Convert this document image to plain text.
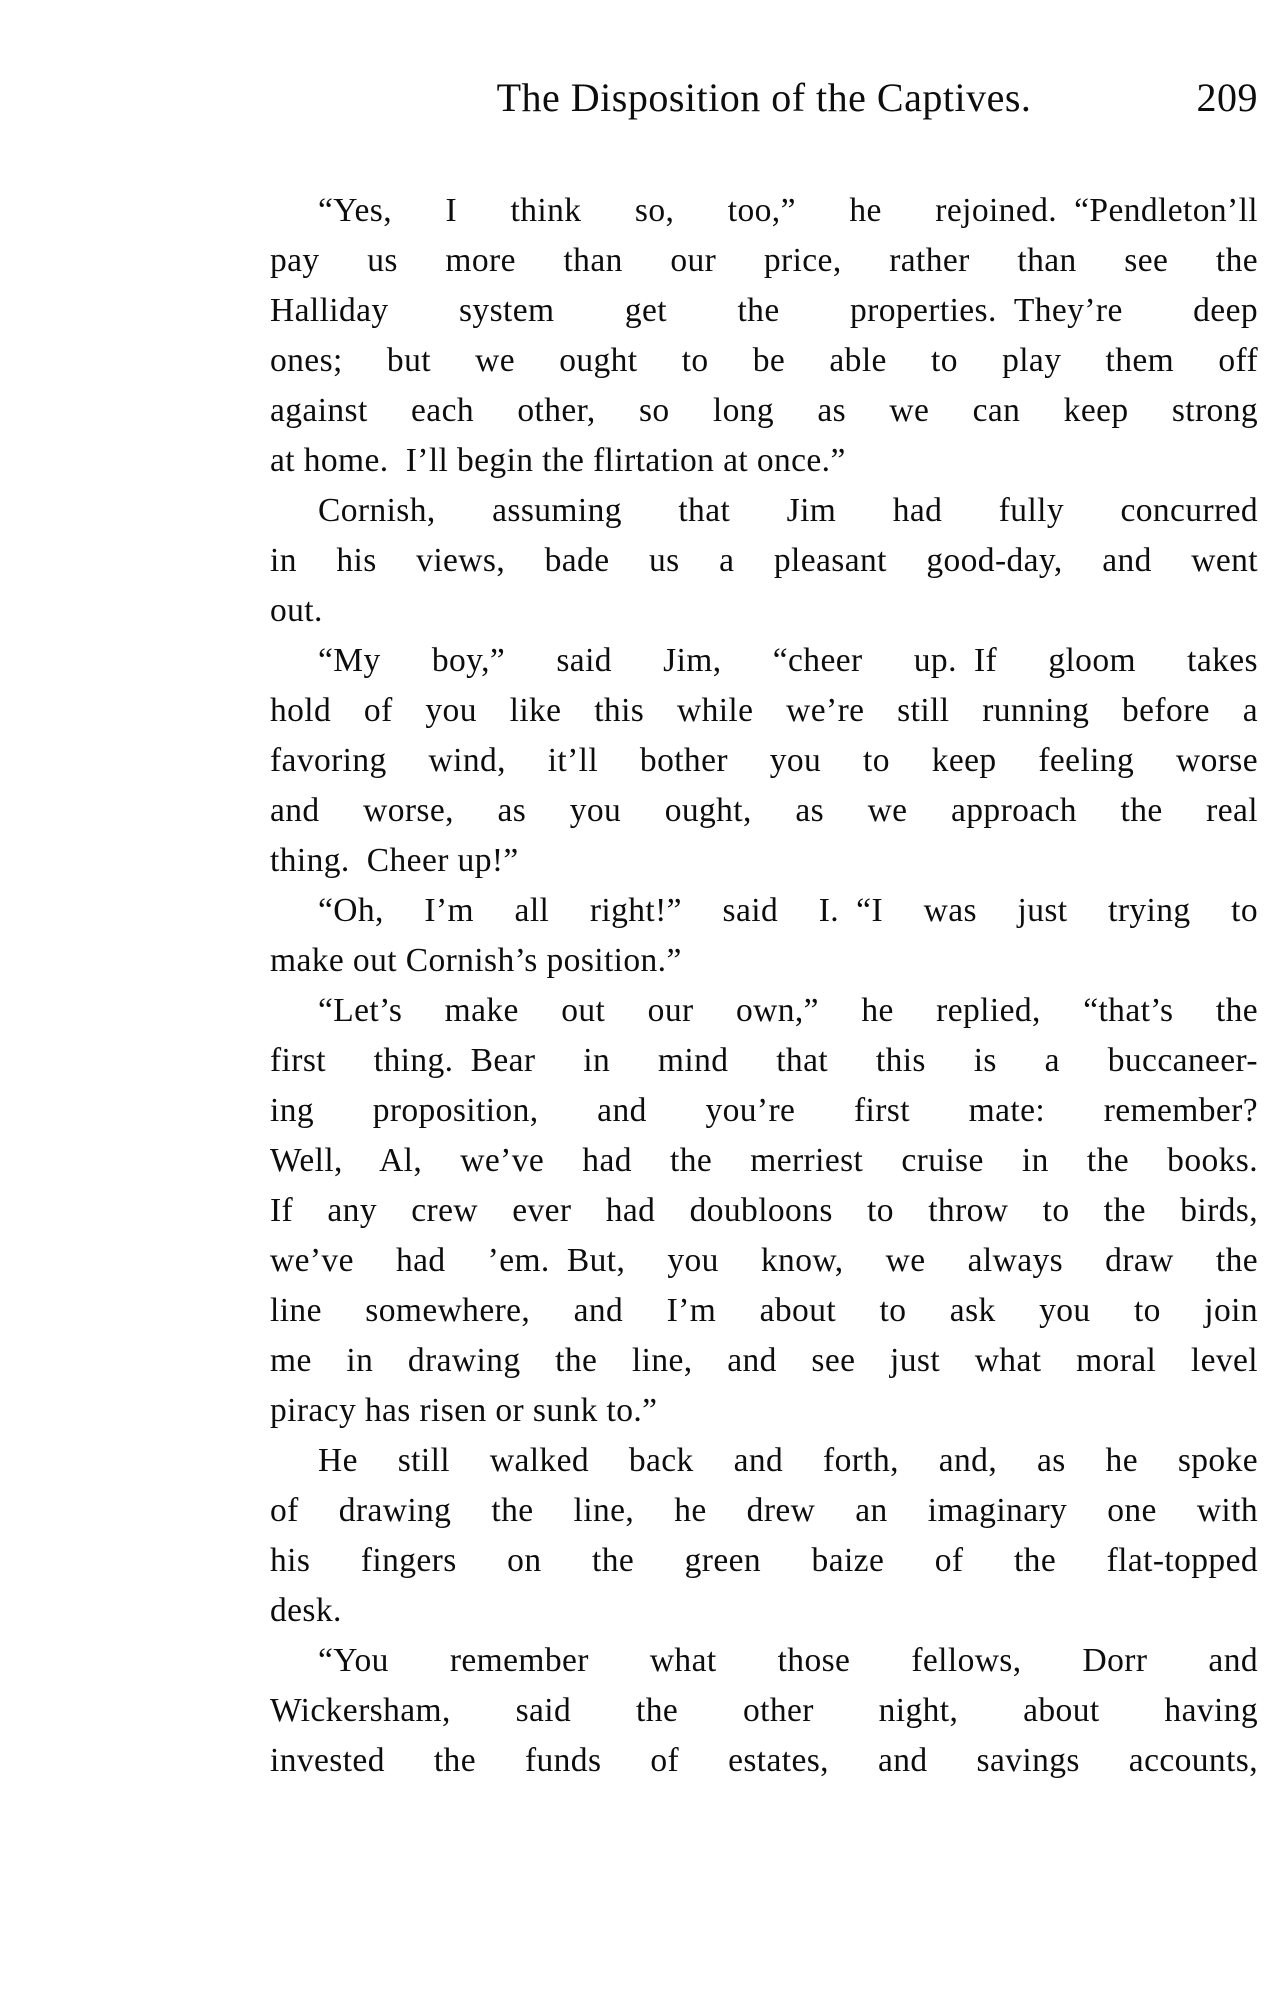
The Disposition of the Captives.	209
“Yes, I think so, too,” he rejoined. “Pendleton’ll
pay us more than our price, rather than see the
Halliday system get the properties. They’re deep
ones; but we ought to be able to play them off
against each other, so long as we can keep strong
at home. I’ll begin the flirtation at once.”
Cornish, assuming that Jim had fully concurred
in his views, bade us a pleasant good-day, and went
out.
“My boy,” said Jim, “cheer up. If gloom takes
hold of you like this while we’re still running before a
favoring wind, it’ll bother you to keep feeling worse
and worse, as you ought, as we approach the real
thing. Cheer up!”
“Oh, I’m all right!” said I. “I was just trying to
make out Cornish’s position.”
“Let’s make out our own,” he replied, “that’s the
first thing. Bear in mind that this is a buccaneer-
ing proposition, and you’re first mate: remember?
Well, Al, we’ve had the merriest cruise in the books.
If any crew ever had doubloons to throw to the birds,
we’ve had ’em. But, you know, we always draw the
line somewhere, and I’m about to ask you to join
me in drawing the line, and see just what moral level
piracy has risen or sunk to.”
He still walked back and forth, and, as he spoke
of drawing the line, he drew an imaginary one with
his fingers on the green baize of the flat-topped
desk.
“You remember what those fellows, Dorr and
Wickersham, said the other night, about having
invested the funds of estates, and savings accounts,
